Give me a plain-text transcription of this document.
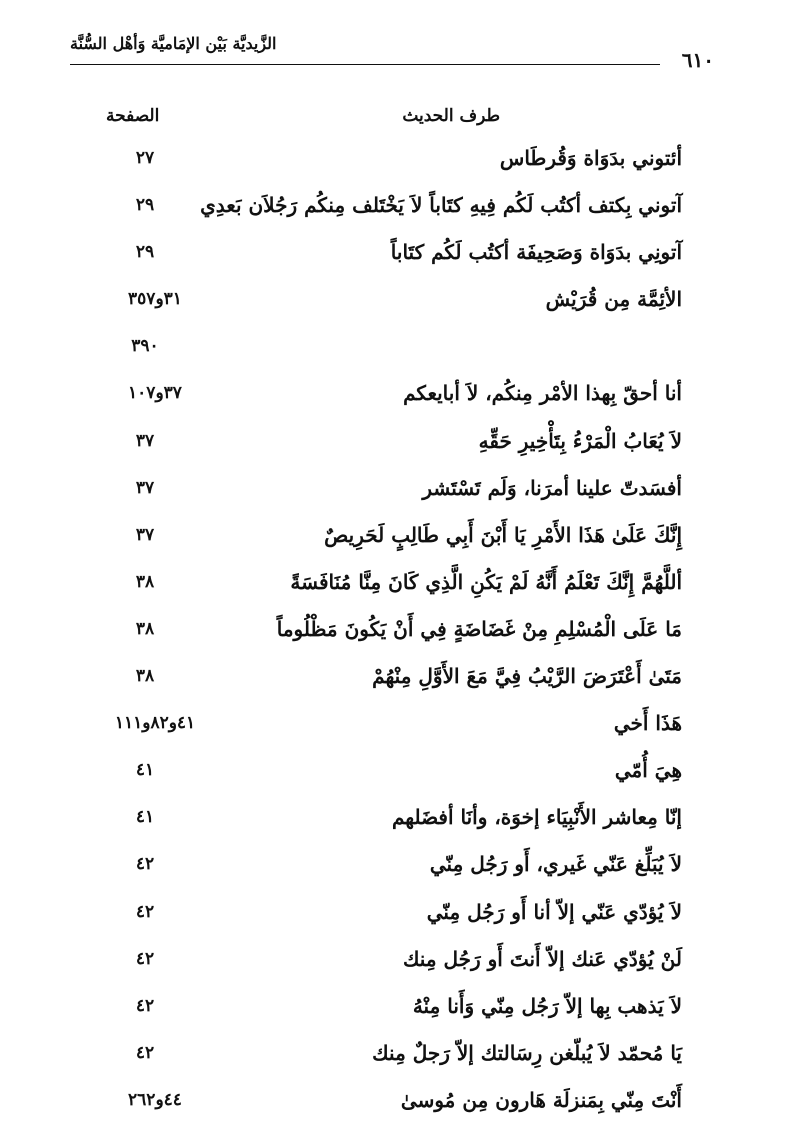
الزَّيديَّة بَيْن الإمَاميَّة وَأهْل السُّنَّة
٦١٠
طرف الحديث
الصفحة
أئتوني بدَوَاة وَقُرطَاس
٢٧
آتوني بِكتف أكتُب لَكُم فِيهِ كتَاباً لاَ يَخْتَلف مِنكُم رَجُلاَن بَعدِي
٢٩
آتونِي بدَوَاة وَصَحِيفَة أكتُب لَكُم كتَاباً
٢٩
الأئِمَّة مِن قُرَيْش
٣١و٣٥٧
٣٩٠
أنا أحقّ بِهذا الأمْر مِنكُم، لاَ أبايعكم
٣٧و١٠٧
لاَ يُعَابُ الْمَرْءُ بِتَأْخِيرِ حَقِّهِ
٣٧
أفسَدتّ علينا أمرَنا، وَلَم تَسْتَشر
٣٧
إِنَّكَ عَلَىٰ هَذَا الأَمْرِ يَا أَبْنَ أَبِي طَالِبٍ لَحَرِيصٌ
٣٧
أللَّهُمَّ إِنَّكَ تَعْلَمُ أَنَّهُ لَمْ يَكُنِ الَّذِي كَانَ مِنَّا مُنَافَسَةً
٣٨
مَا عَلَى الْمُسْلِمِ مِنْ غَضَاضَةٍ فِي أَنْ يَكُونَ مَظْلُوماً
٣٨
مَتَىٰ أَعْتَرَضَ الرَّيْبُ فِيَّ مَعَ الأَوَّلِ مِنْهُمْ
٣٨
هَذَا أَخي
٤١و٨٢و١١١
هِيَ أُمّي
٤١
إنّا مِعاشر الأَنْبِيَاء إخوَة، وأنَا أفضَلهم
٤١
لاَ يُبَلِّغ عَنّي غَيري، أَو رَجُل مِنّي
٤٢
لاَ يُؤدّي عَنّي إلاّ أنا أَو رَجُل مِنّي
٤٢
لَنْ يُؤدّي عَنك إلاّ أَنتَ أَو رَجُل مِنك
٤٢
لاَ يَذهب بِها إلاّ رَجُل مِنّي وَأَنا مِنْهُ
٤٢
يَا مُحمّد لاَ يُبلّغن رِسَالتك إلاّ رَجلٌ مِنك
٤٢
أَنْتَ مِنّي بِمَنزلَة هَارون مِن مُوسىٰ
٤٤و٢٦٢
